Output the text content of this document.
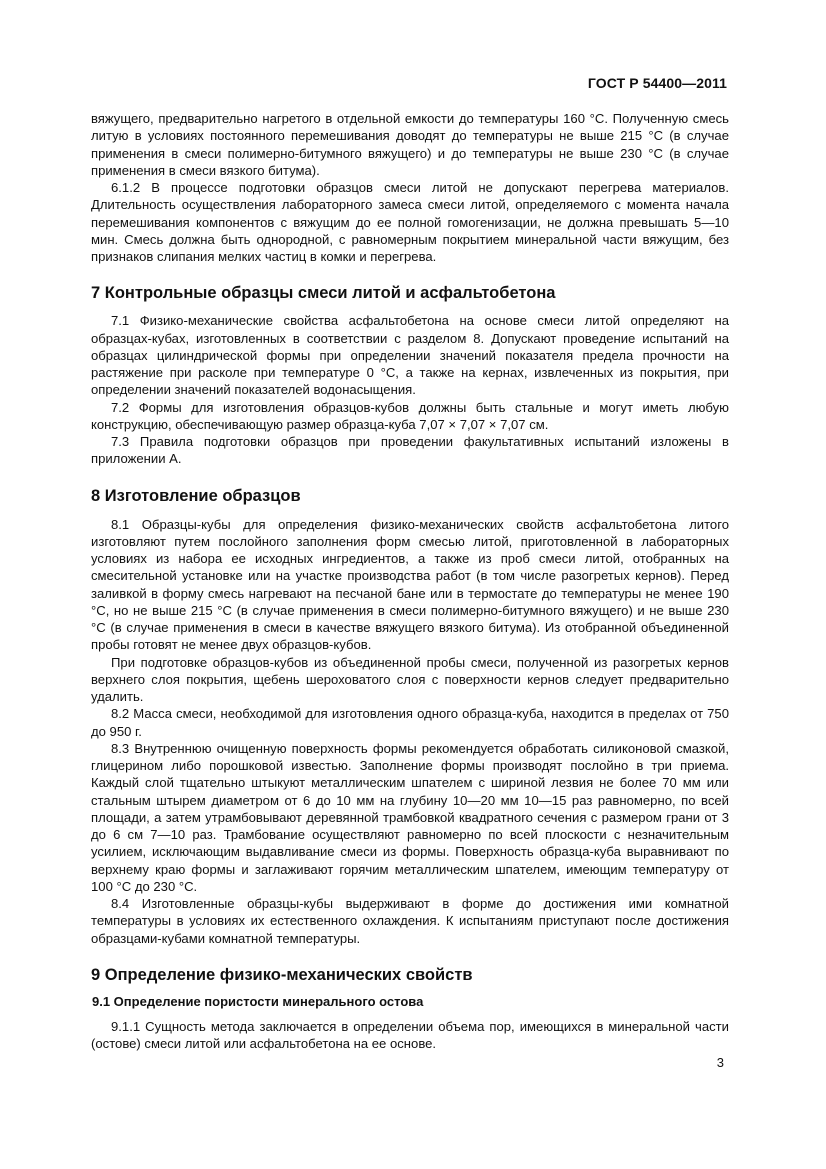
ГОСТ Р 54400—2011

вяжущего, предварительно нагретого в отдельной емкости до температуры 160 °С. Полученную смесь литую в условиях постоянного перемешивания доводят до температуры не выше 215 °С (в случае применения в смеси полимерно-битумного вяжущего) и до температуры не выше 230 °С (в случае применения в смеси вязкого битума).

6.1.2 В процессе подготовки образцов смеси литой не допускают перегрева материалов. Длительность осуществления лабораторного замеса смеси литой, определяемого с момента начала перемешивания компонентов с вяжущим до ее полной гомогенизации, не должна превышать 5—10 мин. Смесь должна быть однородной, с равномерным покрытием минеральной части вяжущим, без признаков слипания мелких частиц в комки и перегрева.

7 Контрольные образцы смеси литой и асфальтобетона

7.1 Физико-механические свойства асфальтобетона на основе смеси литой определяют на образцах-кубах, изготовленных в соответствии с разделом 8. Допускают проведение испытаний на образцах цилиндрической формы при определении значений показателя предела прочности на растяжение при расколе при температуре 0 °С, а также на кернах, извлеченных из покрытия, при определении значений показателей водонасыщения.

7.2 Формы для изготовления образцов-кубов должны быть стальные и могут иметь любую конструкцию, обеспечивающую размер образца-куба 7,07 × 7,07 × 7,07 см.

7.3 Правила подготовки образцов при проведении факультативных испытаний изложены в приложении А.

8 Изготовление образцов

8.1 Образцы-кубы для определения физико-механических свойств асфальтобетона литого изготовляют путем послойного заполнения форм смесью литой, приготовленной в лабораторных условиях из набора ее исходных ингредиентов, а также из проб смеси литой, отобранных на смесительной установке или на участке производства работ (в том числе разогретых кернов). Перед заливкой в форму смесь нагревают на песчаной бане или в термостате до температуры не менее 190 °С, но не выше 215 °С (в случае применения в смеси полимерно-битумного вяжущего) и не выше 230 °С (в случае применения в смеси в качестве вяжущего вязкого битума). Из отобранной объединенной пробы готовят не менее двух образцов-кубов.

При подготовке образцов-кубов из объединенной пробы смеси, полученной из разогретых кернов верхнего слоя покрытия, щебень шероховатого слоя с поверхности кернов следует предварительно удалить.

8.2 Масса смеси, необходимой для изготовления одного образца-куба, находится в пределах от 750 до 950 г.

8.3 Внутреннюю очищенную поверхность формы рекомендуется обработать силиконовой смазкой, глицерином либо порошковой известью. Заполнение формы производят послойно в три приема. Каждый слой тщательно штыкуют металлическим шпателем с шириной лезвия не более 70 мм или стальным штырем диаметром от 6 до 10 мм на глубину 10—20 мм 10—15 раз равномерно, по всей площади, а затем утрамбовывают деревянной трамбовкой квадратного сечения с размером грани от 3 до 6 см 7—10 раз. Трамбование осуществляют равномерно по всей плоскости с незначительным усилием, исключающим выдавливание смеси из формы. Поверхность образца-куба выравнивают по верхнему краю формы и заглаживают горячим металлическим шпателем, имеющим температуру от 100 °С до 230 °С.

8.4 Изготовленные образцы-кубы выдерживают в форме до достижения ими комнатной температуры в условиях их естественного охлаждения. К испытаниям приступают после достижения образцами-кубами комнатной температуры.

9 Определение физико-механических свойств
9.1 Определение пористости минерального остова

9.1.1 Сущность метода заключается в определении объема пор, имеющихся в минеральной части (остове) смеси литой или асфальтобетона на ее основе.

3
